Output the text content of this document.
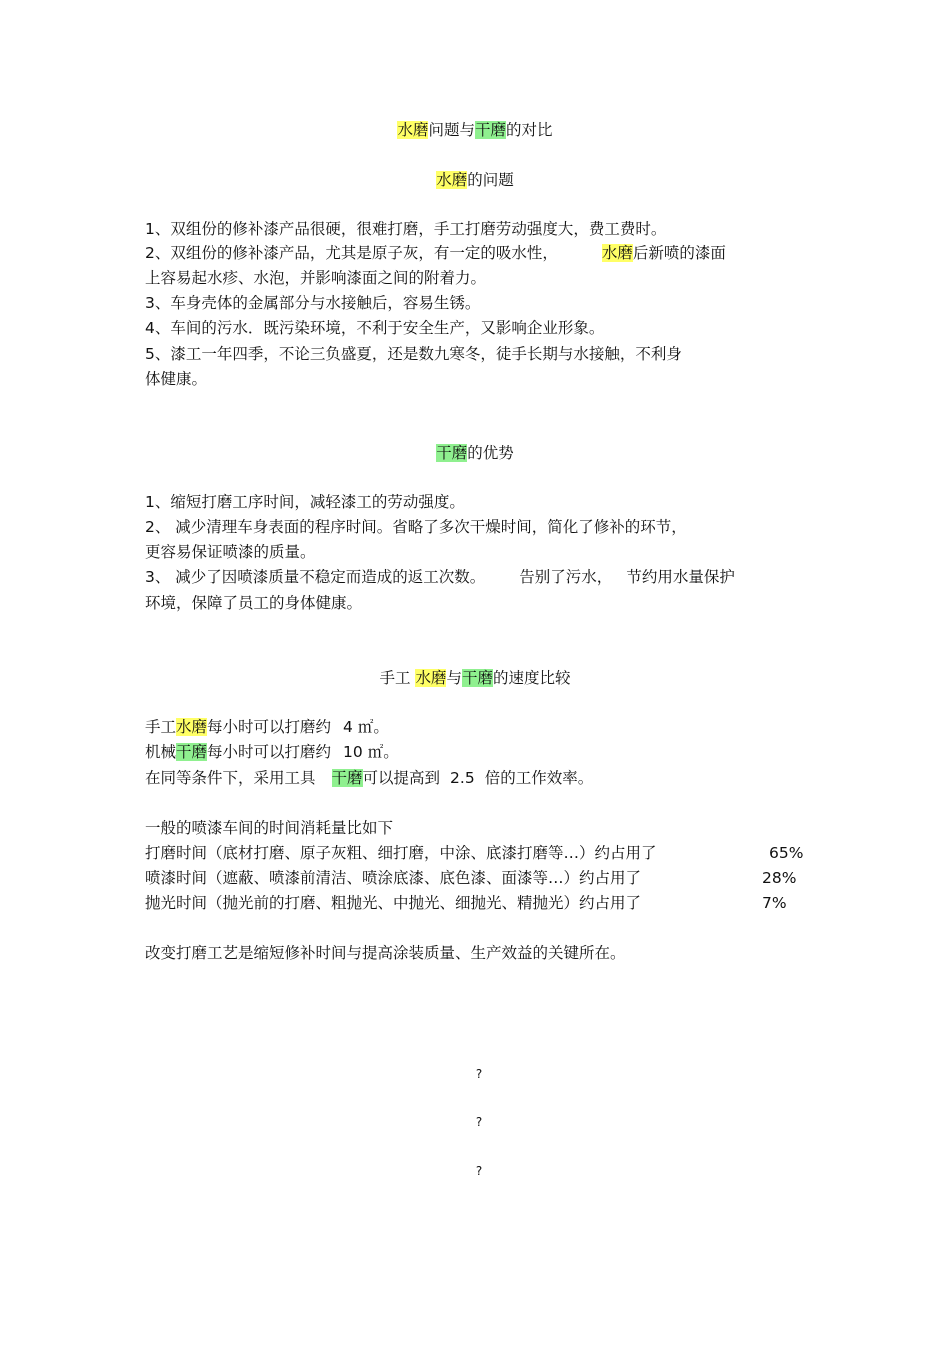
水磨问题与干磨的对比
水磨的问题
1、双组份的修补漆产品很硬，很难打磨，手工打磨劳动强度大，费工费时。
2、双组份的修补漆产品，尤其是原子灰，有一定的吸水性，	水磨后新喷的漆面
上容易起水疹、水泡，并影响漆面之间的附着力。
3、车身壳体的金属部分与水接触后，容易生锈。
4、车间的污水．既污染环境，不利于安全生产，又影响企业形象。
5、漆工一年四季，不论三负盛夏，还是数九寒冬，徒手长期与水接触，不利身
体健康。
干磨的优势
1、缩短打磨工序时间，减轻漆工的劳动强度。
2、 减少清理车身表面的程序时间。省略了多次干燥时间，简化了修补的环节，
更容易保证喷漆的质量。
3、 减少了因喷漆质量不稳定而造成的返工次数。 告别了污水， 节约用水量保护
环境，保障了员工的身体健康。
手工 水磨与干磨的速度比较
手工水磨每小时可以打磨约 4 ㎡。
机械干磨每小时可以打磨约 10 ㎡。
在同等条件下，采用工具 干磨可以提高到 2.5 倍的工作效率。
一般的喷漆车间的时间消耗量比如下
打磨时间（底材打磨、原子灰粗、细打磨，中涂、底漆打磨等…）约占用了	65%
喷漆时间（遮蔽、喷漆前清洁、喷涂底漆、底色漆、面漆等…）约占用了	28%
抛光时间（抛光前的打磨、粗抛光、中抛光、细抛光、精抛光）约占用了	7%
改变打磨工艺是缩短修补时间与提高涂装质量、生产效益的关键所在。
?
?
?
